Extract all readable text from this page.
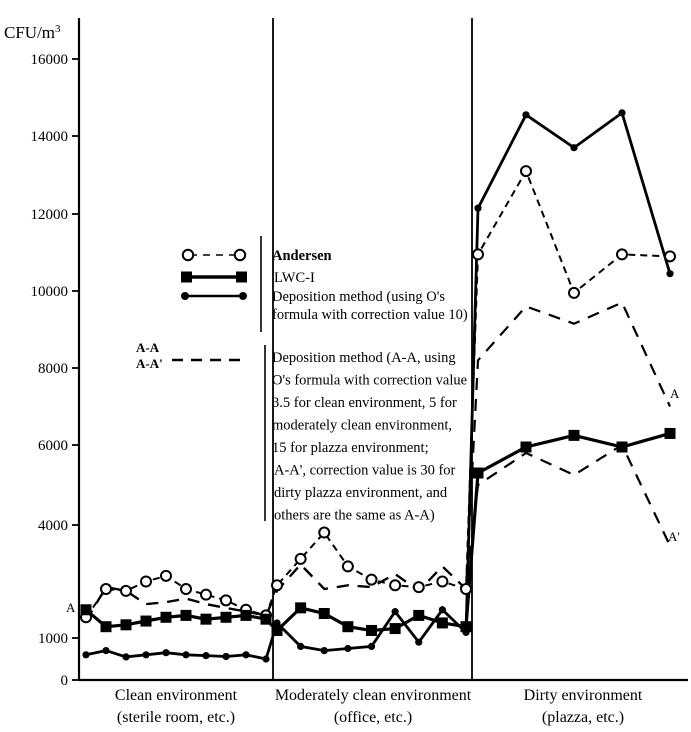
CFU/$m^3$
0
1000
4000
6000
8000
10000
12000
14000
16000
A
A
A'
Andersen
LWC-I
Deposition method (using O's
formula with correction value 10)
A-A
A-A'	Deposition method (A-A, using
O's formula with correction value
3.5 for clean environment, 5 for
moderately clean environment,
15 for plazza environment;
A-A', correction value is 30 for
dirty plazza environment, and
others are the same as A-A)
Clean environment
(sterile room, etc.)
Moderately clean environment
(office, etc.)
Dirty environment
(plazza, etc.)
